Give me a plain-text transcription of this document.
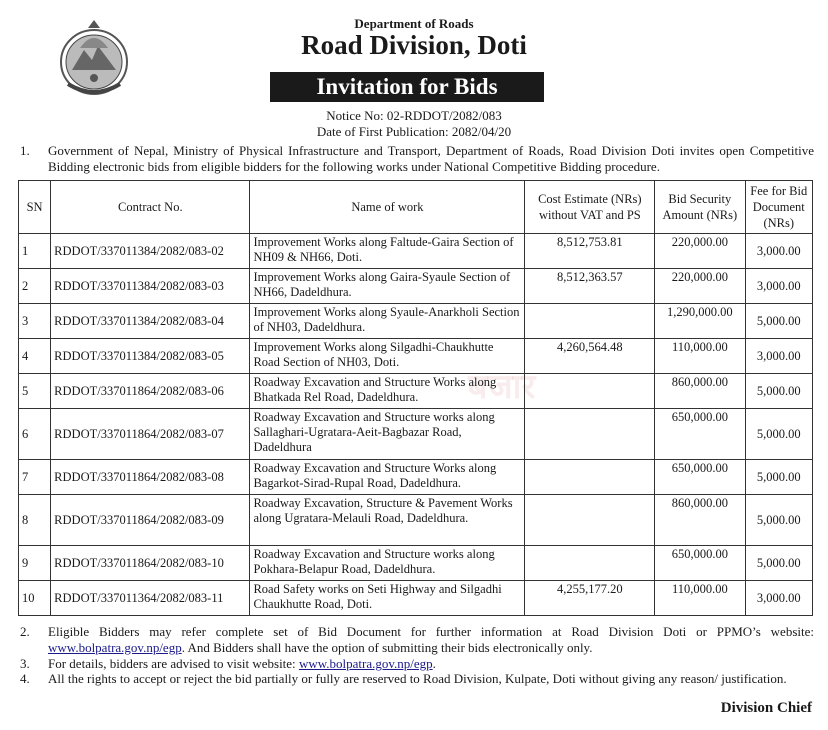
Department of Roads
Road Division, Doti
Invitation for Bids
Notice No: 02-RDDOT/2082/083
Date of First Publication: 2082/04/20
1. Government of Nepal, Ministry of Physical Infrastructure and Transport, Department of Roads, Road Division Doti invites open Competitive Bidding electronic bids from eligible bidders for the following works under National Competitive Bidding procedure.
बजार
SN	Contract No.	Name of work	Cost Estimate (NRs) without VAT and PS	Bid Security Amount (NRs)	Fee for Bid Document (NRs)
1	RDDOT/337011384/2082/083-02	Improvement Works along Faltude-Gaira Section of NH09 & NH66, Doti.	8,512,753.81	220,000.00	3,000.00
2	RDDOT/337011384/2082/083-03	Improvement Works along Gaira-Syaule Section of NH66, Dadeldhura.	8,512,363.57	220,000.00	3,000.00
3	RDDOT/337011384/2082/083-04	Improvement Works along Syaule-Anarkholi Section of NH03, Dadeldhura.		1,290,000.00	5,000.00
4	RDDOT/337011384/2082/083-05	Improvement Works along Silgadhi-Chaukhutte Road Section of NH03, Doti.	4,260,564.48	110,000.00	3,000.00
5	RDDOT/337011864/2082/083-06	Roadway Excavation and Structure Works along Bhatkada Rel Road, Dadeldhura.		860,000.00	5,000.00
6	RDDOT/337011864/2082/083-07	Roadway Excavation and Structure works along Sallaghari-Ugratara-Aeit-Bagbazar Road, Dadeldhura		650,000.00	5,000.00
7	RDDOT/337011864/2082/083-08	Roadway Excavation and Structure Works along Bagarkot-Sirad-Rupal Road, Dadeldhura.		650,000.00	5,000.00
8	RDDOT/337011864/2082/083-09	Roadway Excavation, Structure & Pavement Works along Ugratara-Melauli Road, Dadeldhura.		860,000.00	5,000.00
9	RDDOT/337011864/2082/083-10	Roadway Excavation and Structure works along Pokhara-Belapur Road, Dadeldhura.		650,000.00	5,000.00
10	RDDOT/337011364/2082/083-11	Road Safety works on Seti Highway and Silgadhi Chaukhutte Road, Doti.	4,255,177.20	110,000.00	3,000.00
2. Eligible Bidders may refer complete set of Bid Document for further information at Road Division Doti or PPMO’s website: www.bolpatra.gov.np/egp. And Bidders shall have the option of submitting their bids electronically only.
3. For details, bidders are advised to visit website: www.bolpatra.gov.np/egp.
4. All the rights to accept or reject the bid partially or fully are reserved to Road Division, Kulpate, Doti without giving any reason/ justification.
Division Chief
